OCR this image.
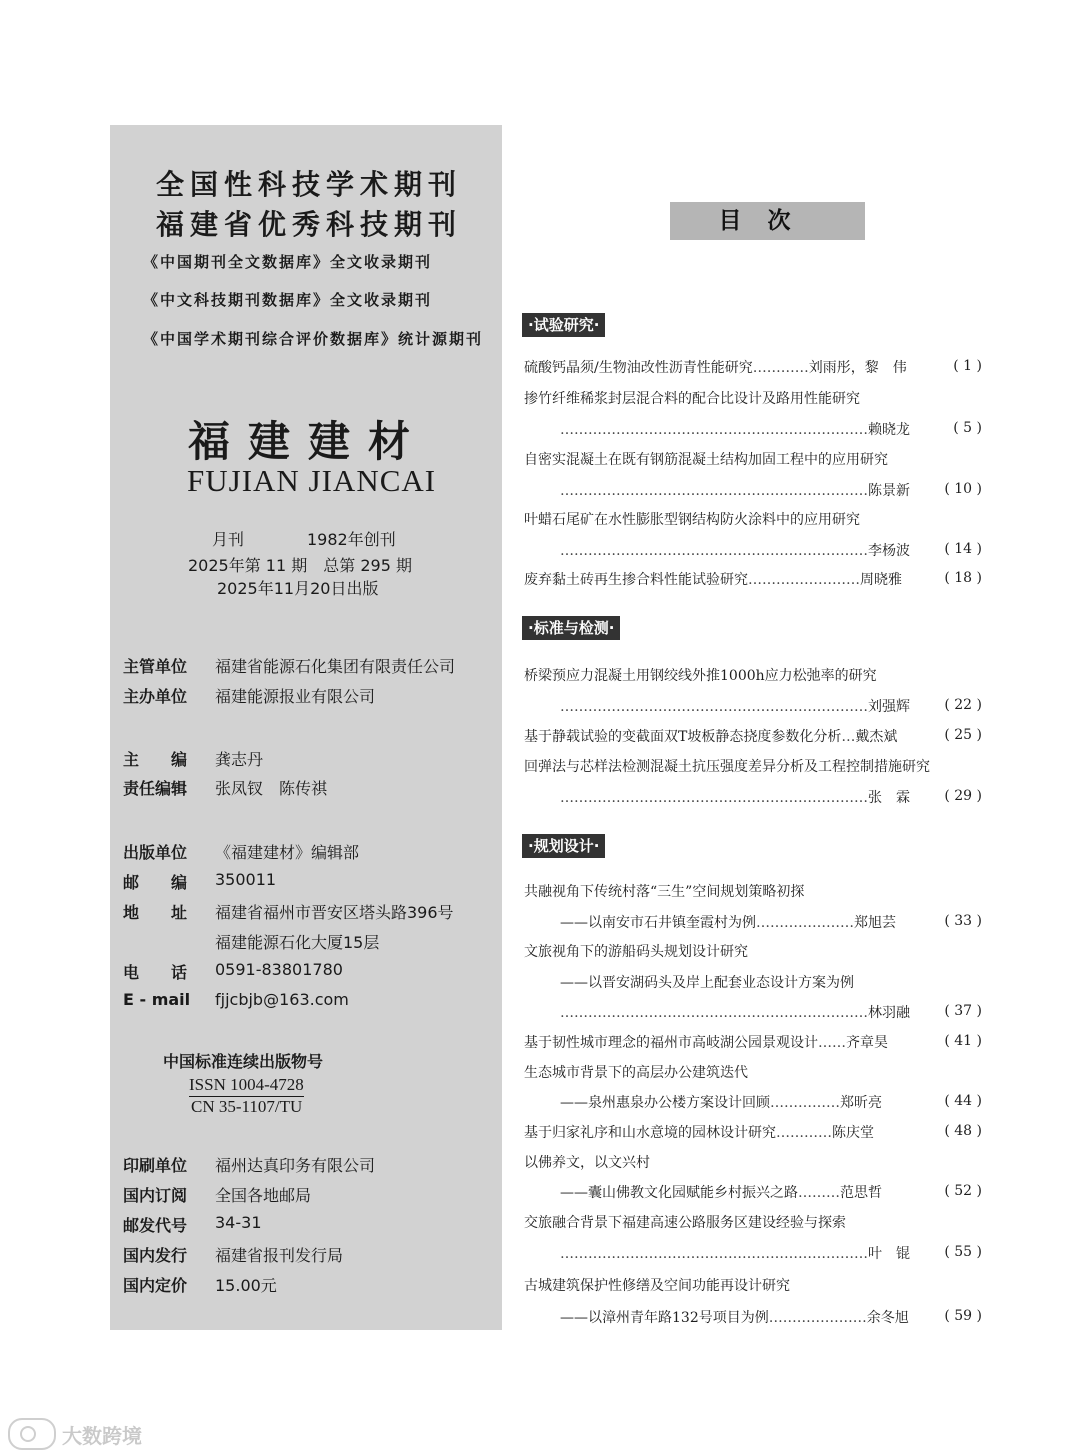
全国性科技学术期刊
福建省优秀科技期刊
《中国期刊全文数据库》全文收录期刊
《中文科技期刊数据库》全文收录期刊
《中国学术期刊综合评价数据库》统计源期刊
福建建材
FUJIAN JIANCAI
月刊	1982年创刊
2025年第 11 期　总第 295 期
2025年11月20日出版
主管单位	福建省能源石化集团有限责任公司
主办单位	福建能源报业有限公司
主　　编	龚志丹
责任编辑	张凤钗　陈传祺
出版单位	《福建建材》编辑部
邮　　编	350011
地　　址	福建省福州市晋安区塔头路396号
福建能源石化大厦15层
电　　话	0591-83801780
E - mail	fjjcbjb@163.com
中国标准连续出版物号
ISSN 1004-4728
CN 35-1107/TU
印刷单位	福州达真印务有限公司
国内订阅	全国各地邮局
邮发代号	34-31
国内发行	福建省报刊发行局
国内定价	15.00元
目次
·试验研究·
硫酸钙晶须/生物油改性沥青性能研究…………刘雨彤，黎　伟	( 1 )
掺竹纤维稀浆封层混合料的配合比设计及路用性能研究
…………………………………………………………赖晓龙	( 5 )
自密实混凝土在既有钢筋混凝土结构加固工程中的应用研究
…………………………………………………………陈景新 ( 10 )
叶蜡石尾矿在水性膨胀型钢结构防火涂料中的应用研究
…………………………………………………………李杨波 ( 14 )
废弃黏土砖再生掺合料性能试验研究……………………周晓雅	( 18 )
·标准与检测·
桥梁预应力混凝土用钢绞线外推1000h应力松弛率的研究
…………………………………………………………刘强辉 ( 22 )
基于静载试验的变截面双T坡板静态挠度参数化分析…戴杰斌	( 25 )
回弹法与芯样法检测混凝土抗压强度差异分析及工程控制措施研究
…………………………………………………………张　霖 ( 29 )
·规划设计·
共融视角下传统村落“三生”空间规划策略初探
——以南安市石井镇奎霞村为例…………………郑旭芸	( 33 )
文旅视角下的游船码头规划设计研究
——以晋安湖码头及岸上配套业态设计方案为例
…………………………………………………………林羽融 ( 37 )
基于韧性城市理念的福州市高岐湖公园景观设计……齐章昊	( 41 )
生态城市背景下的高层办公建筑迭代
——泉州惠泉办公楼方案设计回顾……………郑昕亮	( 44 )
基于归家礼序和山水意境的园林设计研究…………陈庆堂	( 48 )
以佛养文，以文兴村
——囊山佛教文化园赋能乡村振兴之路………范思哲	( 52 )
交旅融合背景下福建高速公路服务区建设经验与探索
…………………………………………………………叶　锟 ( 55 )
古城建筑保护性修缮及空间功能再设计研究
——以漳州青年路132号项目为例…………………余冬旭	( 59 )
大数跨境
